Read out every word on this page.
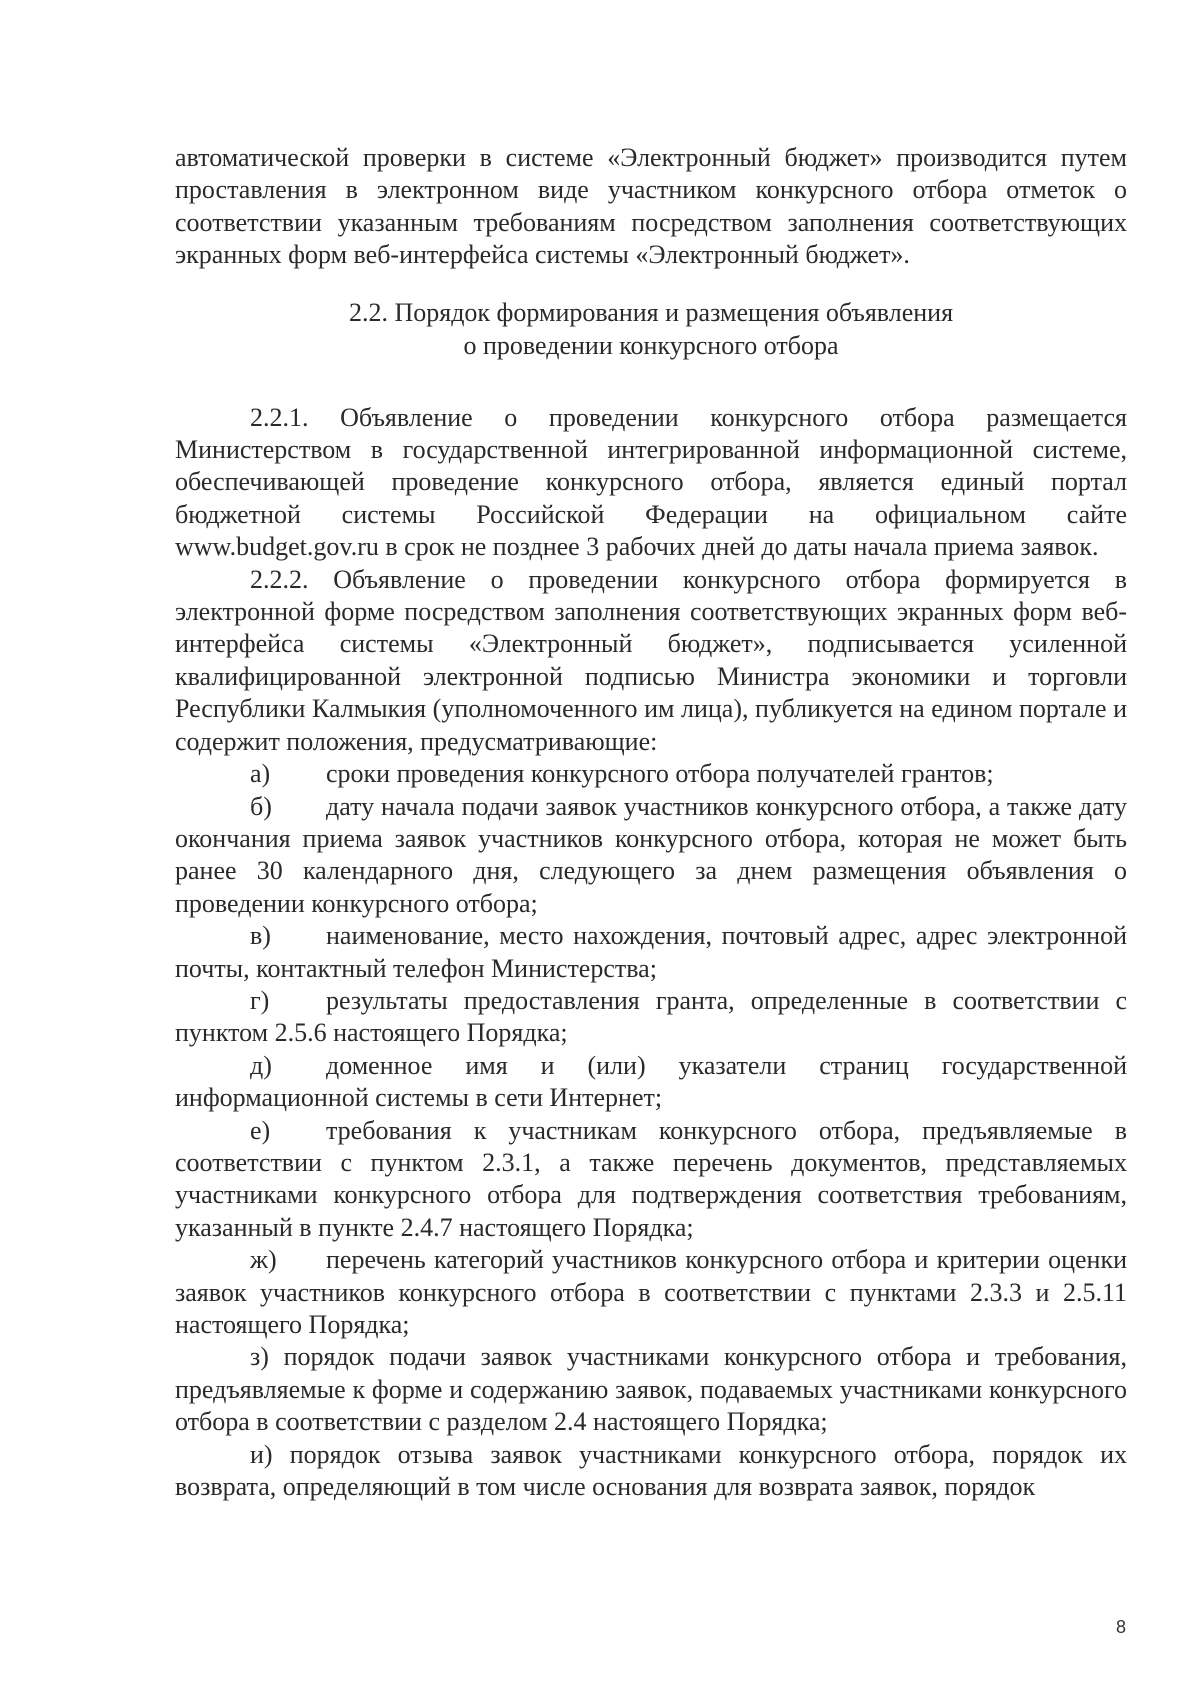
автоматической проверки в системе «Электронный бюджет» производится путем проставления в электронном виде участником конкурсного отбора отметок о соответствии указанным требованиям посредством заполнения соответствующих экранных форм веб-интерфейса системы «Электронный бюджет».

2.2. Порядок формирования и размещения объявления
о проведении конкурсного отбора

2.2.1. Объявление о проведении конкурсного отбора размещается Министерством в государственной интегрированной информационной системе, обеспечивающей проведение конкурсного отбора, является единый портал бюджетной системы Российской Федерации на официальном сайте www.budget.gov.ru в срок не позднее 3 рабочих дней до даты начала приема заявок.

2.2.2. Объявление о проведении конкурсного отбора формируется в электронной форме посредством заполнения соответствующих экранных форм веб-интерфейса системы «Электронный бюджет», подписывается усиленной квалифицированной электронной подписью Министра экономики и торговли Республики Калмыкия (уполномоченного им лица), публикуется на едином портале и содержит положения, предусматривающие:

а) сроки проведения конкурсного отбора получателей грантов;

б) дату начала подачи заявок участников конкурсного отбора, а также дату окончания приема заявок участников конкурсного отбора, которая не может быть ранее 30 календарного дня, следующего за днем размещения объявления о проведении конкурсного отбора;

в) наименование, место нахождения, почтовый адрес, адрес электронной почты, контактный телефон Министерства;

г) результаты предоставления гранта, определенные в соответствии с пунктом 2.5.6 настоящего Порядка;

д) доменное имя и (или) указатели страниц государственной информационной системы в сети Интернет;

е) требования к участникам конкурсного отбора, предъявляемые в соответствии с пунктом 2.3.1, а также перечень документов, представляемых участниками конкурсного отбора для подтверждения соответствия требованиям, указанный в пункте 2.4.7 настоящего Порядка;

ж) перечень категорий участников конкурсного отбора и критерии оценки заявок участников конкурсного отбора в соответствии с пунктами 2.3.3 и 2.5.11 настоящего Порядка;

з) порядок подачи заявок участниками конкурсного отбора и требования, предъявляемые к форме и содержанию заявок, подаваемых участниками конкурсного отбора в соответствии с разделом 2.4 настоящего Порядка;

и) порядок отзыва заявок участниками конкурсного отбора, порядок их возврата, определяющий в том числе основания для возврата заявок, порядок

8
